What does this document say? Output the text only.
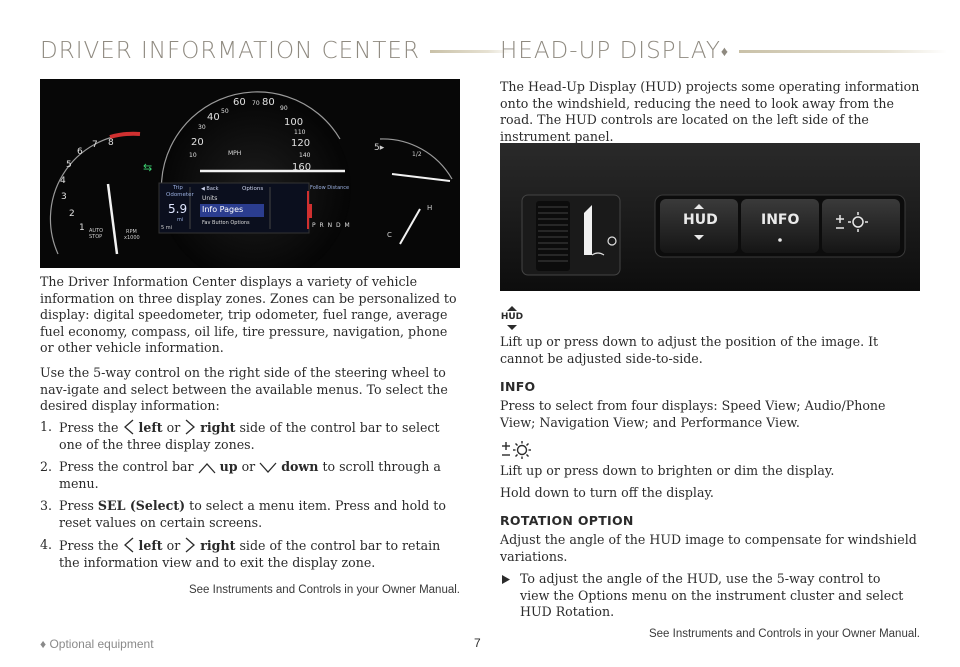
DRIVER INFORMATION CENTER
⇆
5▸
MPH
Trip
Odometer
5.9
mi
◀ Back	Options
Units
Info Pages
Fav Button Options
Follow Distance
P R N D M
RPM
x1000
AUTO STOP
5 mi
1/2
H
C
10
20
30
40
50
60 70 80
90
100
110
120
140
160
1
2
3
4
5
6
7 8

The Driver Information Center displays a variety of vehicle information on three display zones. Zones can be personalized to display: digital speedometer, trip odometer, fuel range, average fuel economy, compass, oil life, tire pressure, navigation, phone or other vehicle information.

Use the 5-way control on the right side of the steering wheel to nav-igate and select between the available menus. To select the desired display information:

1. Press the left or right side of the control bar to select one of the three display zones.
2. Press the control bar up or down to scroll through a menu.
3. Press SEL (Select) to select a menu item. Press and hold to reset values on certain screens.
4. Press the left or right side of the control bar to retain the information view and to exit the display zone.

See Instruments and Controls in your Owner Manual.

HEAD-UP DISPLAY ♦

The Head-Up Display (HUD) projects some operating information onto the windshield, reducing the need to look away from the road. The HUD controls are located on the left side of the instrument panel.

HUD	INFO
HUD

Lift up or press down to adjust the position of the image. It cannot be adjusted side-to-side.

INFO

Press to select from four displays: Speed View; Audio/Phone View; Navigation View; and Performance View.

Lift up or press down to brighten or dim the display.

Hold down to turn off the display.

ROTATION OPTION

Adjust the angle of the HUD image to compensate for windshield variations.

To adjust the angle of the HUD, use the 5-way control to view the Options menu on the instrument cluster and select HUD Rotation.

See Instruments and Controls in your Owner Manual.

♦ Optional equipment	7
